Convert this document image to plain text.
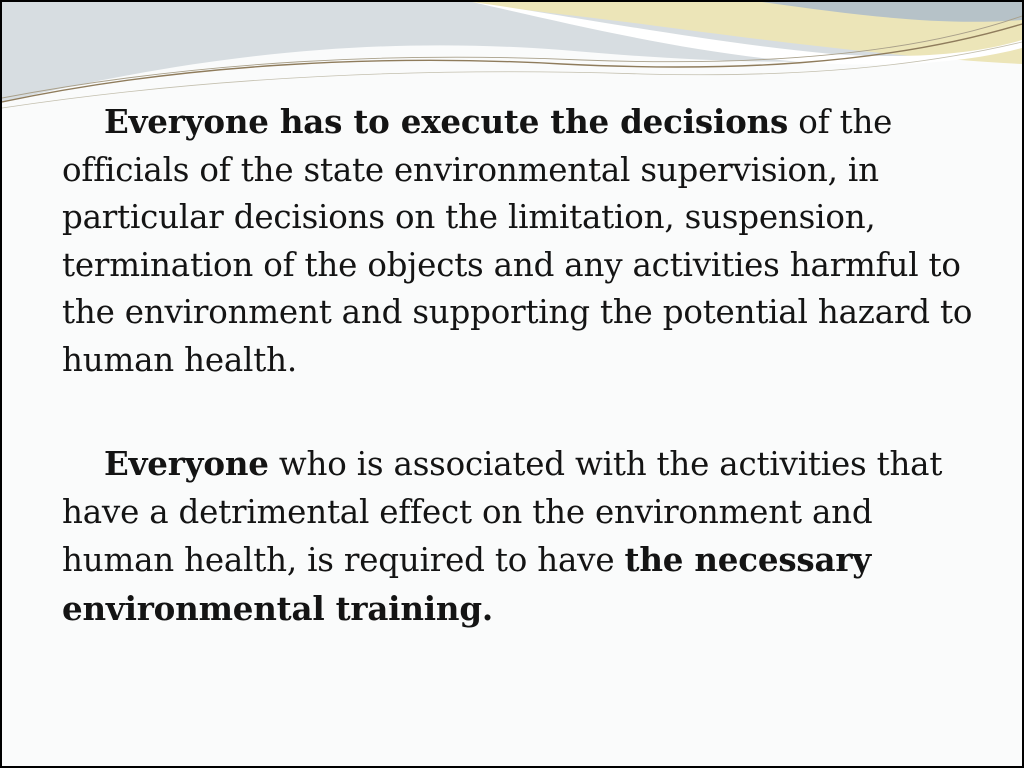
Everyone has to execute the decisions of the officials of the state environmental supervision, in particular decisions on the limitation, suspension, termination of the objects and any activities harmful to the environment and supporting the potential hazard to human health.

Everyone who is associated with the activities that have a detrimental effect on the environment and human health, is required to have the necessary environmental training.
